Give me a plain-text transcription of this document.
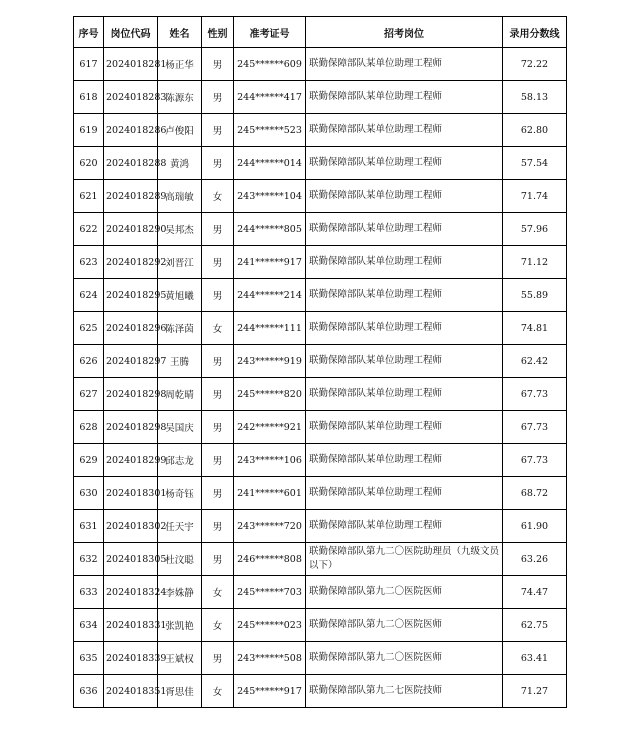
序号	岗位代码	姓名	性别	准考证号	招考岗位	录用分数线
617	2024018281	杨正华	男	245******609	联勤保障部队某单位助理工程师	72.22
618	2024018283	陈源东	男	244******417	联勤保障部队某单位助理工程师	58.13
619	2024018286	卢俊阳	男	245******523	联勤保障部队某单位助理工程师	62.80
620	2024018288	黄鸿	男	244******014	联勤保障部队某单位助理工程师	57.54
621	2024018289	高瑞敏	女	243******104	联勤保障部队某单位助理工程师	71.74
622	2024018290	吴邦杰	男	244******805	联勤保障部队某单位助理工程师	57.96
623	2024018292	刘晋江	男	241******917	联勤保障部队某单位助理工程师	71.12
624	2024018295	黄旭曦	男	244******214	联勤保障部队某单位助理工程师	55.89
625	2024018296	陈泽茵	女	244******111	联勤保障部队某单位助理工程师	74.81
626	2024018297	王腾	男	243******919	联勤保障部队某单位助理工程师	62.42
627	2024018298	周乾晴	男	245******820	联勤保障部队某单位助理工程师	67.73
628	2024018298	吴国庆	男	242******921	联勤保障部队某单位助理工程师	67.73
629	2024018299	邱志龙	男	243******106	联勤保障部队某单位助理工程师	67.73
630	2024018301	杨奇钰	男	241******601	联勤保障部队某单位助理工程师	68.72
631	2024018302	任天宇	男	243******720	联勤保障部队某单位助理工程师	61.90
632	2024018305	杜汶聪	男	246******808	联勤保障部队第九二〇医院助理员（九级文员以下）	63.26
633	2024018324	李姝静	女	245******703	联勤保障部队第九二〇医院医师	74.47
634	2024018331	张凯艳	女	245******023	联勤保障部队第九二〇医院医师	62.75
635	2024018339	王斌权	男	243******508	联勤保障部队第九二〇医院医师	63.41
636	2024018351	胥思佳	女	245******917	联勤保障部队第九二七医院技师	71.27
